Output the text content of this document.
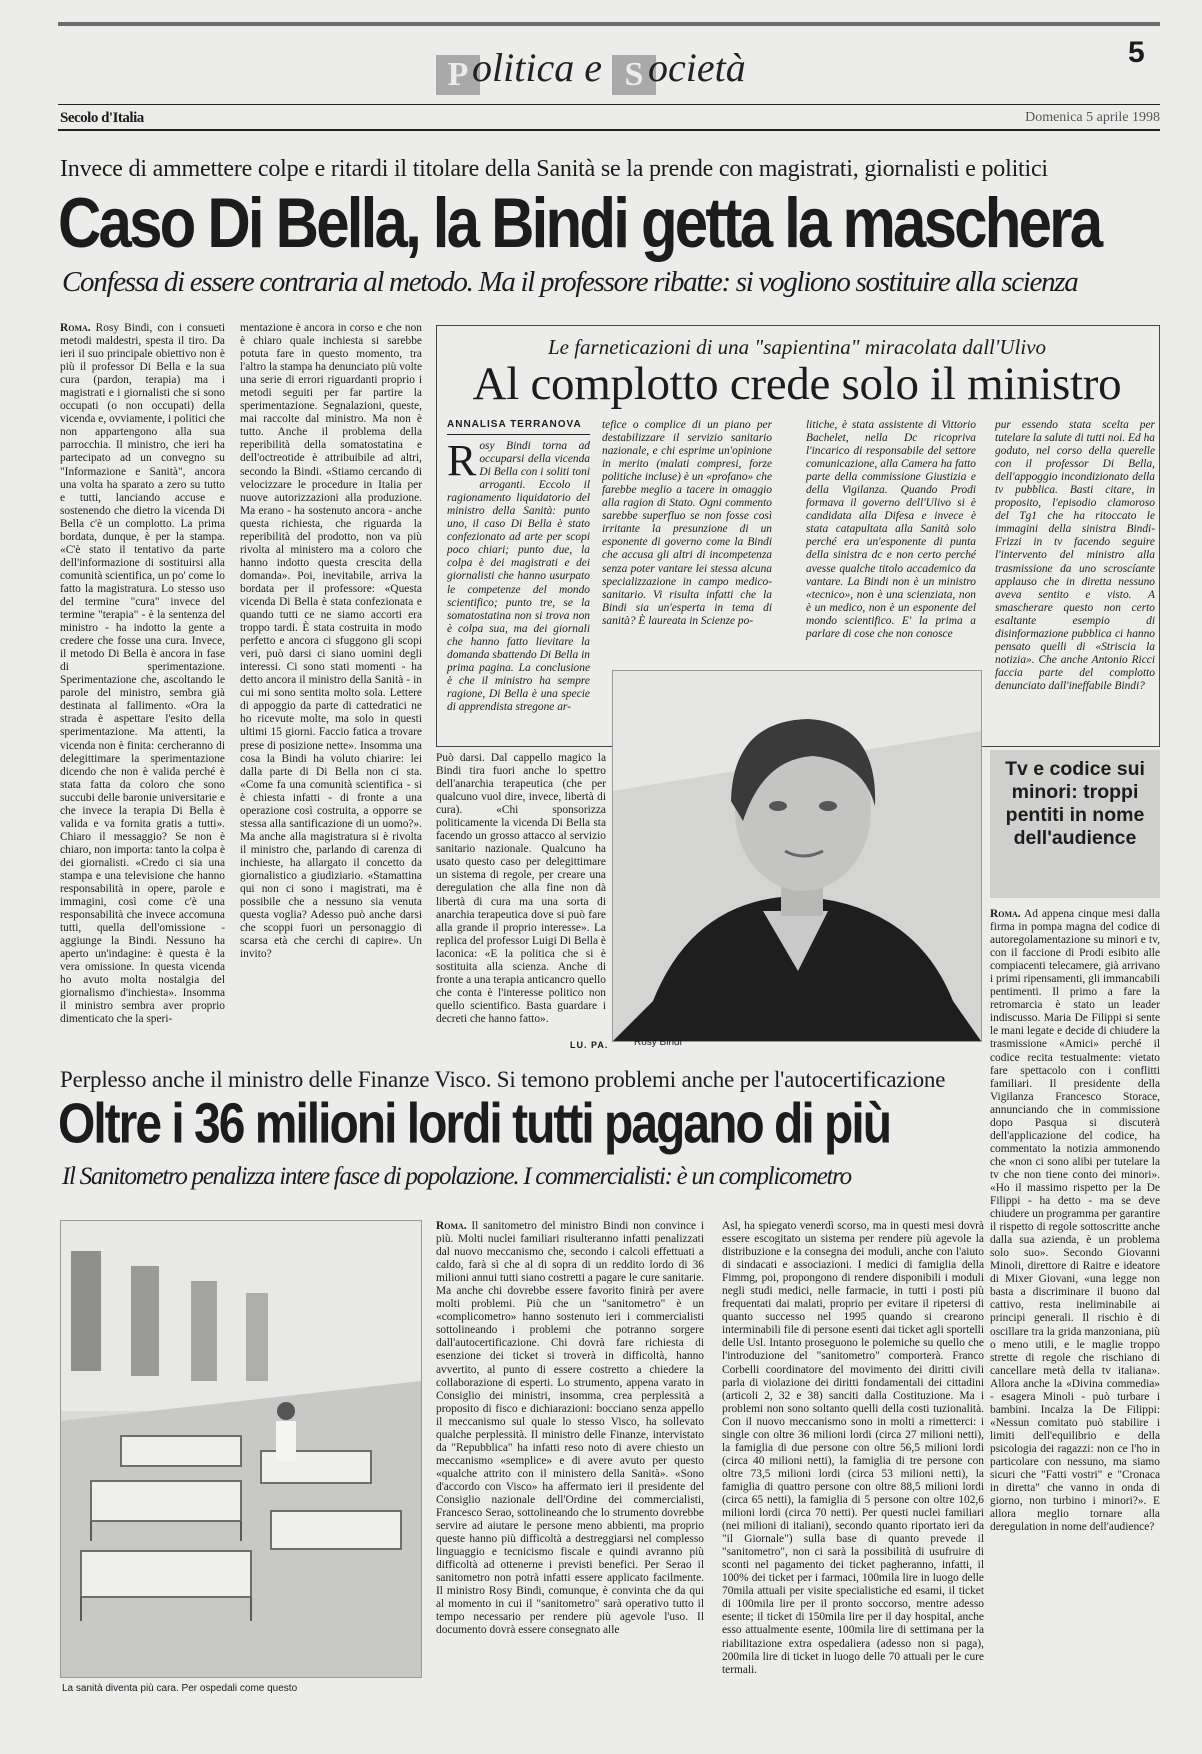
Politica e S ocietà	5
Secolo d'Italia	Domenica 5 aprile 1998
Invece di ammettere colpe e ritardi il titolare della Sanità se la prende con magistrati, giornalisti e politici
Caso Di Bella, la Bindi getta la maschera
Confessa di essere contraria al metodo. Ma il professore ribatte: si vogliono sostituire alla scienza
Roma. Rosy Bindi, con i consueti metodi maldestri, spesta il tiro. Da ieri il suo principale obiettivo non è più il professor Di Bella e la sua cura (pardon, terapia) ma i magistrati e i giornalisti che si sono occupati (o non occupati) della vicenda e, ovviamente, i politici che non appartengono alla sua parrocchia. Il ministro, che ieri ha partecipato ad un convegno su "Informazione e Sanità", ancora una volta ha sparato a zero su tutto e tutti, lanciando accuse e sostenendo che dietro la vicenda Di Bella c'è un complotto. La prima bordata, dunque, è per la stampa. «C'è stato il tentativo da parte dell'informazione di sostituirsi alla comunità scientifica, un po' come lo fatto la magistratura. Lo stesso uso del termine "cura" invece del termine "terapia" - è la sentenza del ministro - ha indotto la gente a credere che fosse una cura. Invece, il metodo Di Bella è ancora in fase di sperimentazione. Sperimentazione che, ascoltando le parole del ministro, sembra già destinata al fallimento. «Ora la strada è aspettare l'esito della sperimentazione. Ma attenti, la vicenda non è finita: cercheranno di delegittimare la sperimentazione dicendo che non è valida perché è stata fatta da coloro che sono succubi delle baronie universitarie e che invece la terapia Di Bella è valida e va fornita gratis a tutti». Chiaro il messaggio? Se non è chiaro, non importa: tanto la colpa è dei giornalisti. «Credo ci sia una stampa e una televisione che hanno responsabilità in opere, parole e immagini, così come c'è una responsabilità che invece accomuna tutti, quella dell'omissione - aggiunge la Bindi. Nessuno ha aperto un'indagine: è questa è la vera omissione. In questa vicenda ho avuto molta nostalgia del giornalismo d'inchiesta». Insomma il ministro sembra aver proprio dimenticato che la speri-
mentazione è ancora in corso e che non è chiaro quale inchiesta si sarebbe potuta fare in questo momento, tra l'altro la stampa ha denunciato più volte una serie di errori riguardanti proprio i metodi seguiti per far partire la sperimentazione. Segnalazioni, queste, mai raccolte dal ministro. Ma non è tutto. Anche il problema della reperibilità della somatostatina e dell'octreotide è attribuibile ad altri, secondo la Bindi. «Stiamo cercando di velocizzare le procedure in Italia per nuove autorizzazioni alla produzione. Ma erano - ha sostenuto ancora - anche questa richiesta, che riguarda la reperibilità del prodotto, non va più rivolta al ministero ma a coloro che hanno indotto questa crescita della domanda». Poi, inevitabile, arriva la bordata per il professore: «Questa vicenda Di Bella è stata confezionata e quando tutti ce ne siamo accorti era troppo tardi. È stata costruita in modo perfetto e ancora ci sfuggono gli scopi veri, può darsi ci siano uomini degli interessi. Ci sono stati momenti - ha detto ancora il ministro della Sanità - in cui mi sono sentita molto sola. Lettere di appoggio da parte di cattedratici ne ho ricevute molte, ma solo in questi ultimi 15 giorni. Faccio fatica a trovare prese di posizione nette». Insomma una cosa la Bindi ha voluto chiarire: lei dalla parte di Di Bella non ci sta. «Come fa una comunità scientifica - si è chiesta infatti - di fronte a una operazione così costruita, a opporre se stessa alla santificazione di un uomo?». Ma anche alla magistratura si è rivolta il ministro che, parlando di carenza di inchieste, ha allargato il concetto da giornalistico a giudiziario. «Stamattina qui non ci sono i magistrati, ma è possibile che a nessuno sia venuta questa voglia? Adesso può anche darsi che scoppi fuori un personaggio di scarsa età che cerchi di capire». Un invito?
Può darsi. Dal cappello magico la Bindi tira fuori anche lo spettro dell'anarchia terapeutica (che per qualcuno vuol dire, invece, libertà di cura). «Chi sponsorizza politicamente la vicenda Di Bella sta facendo un grosso attacco al servizio sanitario nazionale. Qualcuno ha usato questo caso per delegittimare un sistema di regole, per creare una deregulation che alla fine non dà libertà di cura ma una sorta di anarchia terapeutica dove si può fare alla grande il proprio interesse». La replica del professor Luigi Di Bella è laconica: «E la politica che si è sostituita alla scienza. Anche di fronte a una terapia anticancro quello che conta è l'interesse politico non quello scientifico. Basta guardare i decreti che hanno fatto».
LU. PA.
Le farneticazioni di una "sapientina" miracolata dall'Ulivo
Al complotto crede solo il ministro
ANNALISA TERRANOVA
R osy Bindi torna ad occuparsi della vicenda Di Bella con i soliti toni arroganti. Eccolo il ragionamento liquidatorio del ministro della Sanità: punto uno, il caso Di Bella è stato confezionato ad arte per scopi poco chiari; punto due, la colpa è dei magistrati e dei giornalisti che hanno usurpato le competenze del mondo scientifico; punto tre, se la somatostatina non si trova non è colpa sua, ma dei giornali che hanno fatto lievitare la domanda sbattendo Di Bella in prima pagina. La conclusione è che il ministro ha sempre ragione, Di Bella è una specie di apprendista stregone ar-
tefice o complice di un piano per destabilizzare il servizio sanitario nazionale, e chi esprime un'opinione in merito (malati compresi, forze politiche incluse) è un «profano» che farebbe meglio a tacere in omaggio alla ragion di Stato. Ogni commento sarebbe superfluo se non fosse così irritante la presunzione di un esponente di governo come la Bindi che accusa gli altri di incompetenza senza poter vantare lei stessa alcuna specializzazione in campo medico-sanitario. Vi risulta infatti che la Bindi sia un'esperta in tema di sanità? È laureata in Scienze po-
litiche, è stata assistente di Vittorio Bachelet, nella Dc ricopriva l'incarico di responsabile del settore comunicazione, alla Camera ha fatto parte della commissione Giustizia e della Vigilanza. Quando Prodi formava il governo dell'Ulivo si è candidata alla Difesa e invece è stata catapultata alla Sanità solo perché era un'esponente di punta della sinistra dc e non certo perché avesse qualche titolo accademico da vantare. La Bindi non è un ministro «tecnico», non è una scienziata, non è un medico, non è un esponente del mondo scientifico. E' la prima a parlare di cose che non conosce
pur essendo stata scelta per tutelare la salute di tutti noi. Ed ha goduto, nel corso della querelle con il professor Di Bella, dell'appoggio incondizionato della tv pubblica. Basti citare, in proposito, l'episodio clamoroso del Tg1 che ha ritoccato le immagini della sinistra Bindi-Frizzi in tv facendo seguire l'intervento del ministro alla trasmissione da uno scroscíante applauso che in diretta nessuno aveva sentito e visto. A smascherare questo non certo esaltante esempio di disinformazione pubblica ci hanno pensato quelli di «Striscia la notizia». Che anche Antonio Ricci faccia parte del complotto denunciato dall'ineffabile Bindi?
Rosy Bindi
Tv e codice sui minori: troppi pentiti in nome dell'audience
Roma. Ad appena cinque mesi dalla firma in pompa magna del codice di autoregolamentazione su minori e tv, con il faccione di Prodi esibito alle compiacenti telecamere, già arrivano i primi ripensamenti, gli immancabili pentimenti. Il primo a fare la retromarcia è stato un leader indiscusso. Maria De Filippi si sente le mani legate e decide di chiudere la trasmissione «Amici» perché il codice recita testualmente: vietato fare spettacolo con i conflitti familiari. Il presidente della Vigilanza Francesco Storace, annunciando che in commissione dopo Pasqua si discuterà dell'applicazione del codice, ha commentato la notizia ammonendo che «non ci sono alibi per tutelare la tv che non tiene conto dei minori». «Ho il massimo rispetto per la De Filippi - ha detto - ma se deve chiudere un programma per garantire il rispetto di regole sottoscritte anche dalla sua azienda, è un problema solo suo». Secondo Giovanni Minoli, direttore di Raitre e ideatore di Mixer Giovani, «una legge non basta a discriminare il buono dal cattivo, resta ineliminabile ai principi generali. Il rischio è di oscillare tra la grida manzoniana, più o meno utili, e le maglie troppo strette di regole che rischiano di cancellare metà della tv italiana». Allora anche la «Divina commedia» - esagera Minoli - può turbare i bambini. Incalza la De Filippi: «Nessun comitato può stabilire i limiti dell'equilibrio e della psicologia dei ragazzi: non ce l'ho in particolare con nessuno, ma siamo sicuri che "Fatti vostri" e "Cronaca in diretta" che vanno in onda di giorno, non turbino i minori?». E allora meglio tornare alla deregulation in nome dell'audience?
Perplesso anche il ministro delle Finanze Visco. Si temono problemi anche per l'autocertificazione
Oltre i 36 milioni lordi tutti pagano di più
Il Sanitometro penalizza intere fasce di popolazione. I commercialisti: è un complicometro
La sanità diventa più cara. Per ospedali come questo
Roma. Il sanitometro del ministro Bindi non convince i più. Molti nuclei familiari risulteranno infatti penalizzati dal nuovo meccanismo che, secondo i calcoli effettuati a caldo, farà sì che al di sopra di un reddito lordo di 36 milioni annui tutti siano costretti a pagare le cure sanitarie. Ma anche chi dovrebbe essere favorito finirà per avere molti problemi. Più che un "sanitometro" è un «complicometro» hanno sostenuto ieri i commercialisti sottolineando i problemi che potranno sorgere dall'autocertificazione. Chi dovrà fare richiesta di esenzione dei ticket si troverà in difficoltà, hanno avvertito, al punto di essere costretto a chiedere la collaborazione di esperti. Lo strumento, appena varato in Consiglio dei ministri, insomma, crea perplessità a proposito di fisco e dichiarazioni: bocciano senza appello il meccanismo sul quale lo stesso Visco, ha sollevato qualche perplessità. Il ministro delle Finanze, intervistato da "Repubblica" ha infatti reso noto di avere chiesto un meccanismo «semplice» e di avere avuto per questo «qualche attrito con il ministero della Sanità». «Sono d'accordo con Visco» ha affermato ieri il presidente del Consiglio nazionale dell'Ordine dei commercialisti, Francesco Serao, sottolineando che lo strumento dovrebbe servire ad aiutare le persone meno abbienti, ma proprio queste hanno più difficoltà a destreggiarsi nel complesso linguaggio e tecnicismo fiscale e quindi avranno più difficoltà ad ottenerne i previsti benefici. Per Serao il sanitometro non potrà infatti essere applicato facilmente. Il ministro Rosy Bindi, comunque, è convinta che da qui al momento in cui il "sanitometro" sarà operativo tutto il tempo necessario per rendere più agevole l'uso. Il documento dovrà essere consegnato alle
Asl, ha spiegato venerdì scorso, ma in questi mesi dovrà essere escogitato un sistema per rendere più agevole la distribuzione e la consegna dei moduli, anche con l'aiuto di sindacati e associazioni. I medici di famiglia della Fimmg, poi, propongono di rendere disponibili i moduli negli studi medici, nelle farmacie, in tutti i posti più frequentati dai malati, proprio per evitare il ripetersi di quanto successo nel 1995 quando si crearono interminabili file di persone esenti dai ticket agli sportelli delle Usl. Intanto proseguono le polemiche su quello che l'introduzione del "sanitometro" comporterà. Franco Corbelli coordinatore del movimento dei diritti civili parla di violazione dei diritti fondamentali dei cittadini (articoli 2, 32 e 38) sanciti dalla Costituzione. Ma i problemi non sono soltanto quelli della costi tuzionalità. Con il nuovo meccanismo sono in molti a rimetterci: i single con oltre 36 milioni lordi (circa 27 milioni netti), la famiglia di due persone con oltre 56,5 milioni lordi (circa 40 milioni netti), la famiglia di tre persone con oltre 73,5 milioni lordi (circa 53 milioni netti), la famiglia di quattro persone con oltre 88,5 milioni lordi (circa 65 netti), la famiglia di 5 persone con oltre 102,6 milioni lordi (circa 70 netti). Per questi nuclei familiari (nei milioni di italiani), secondo quanto riportato ieri da "il Giornale") sulla base di quanto prevede il "sanitometro", non ci sarà la possibilità di usufruire di sconti nel pagamento dei ticket pagheranno, infatti, il 100% dei ticket per i farmaci, 100mila lire in luogo delle 70mila attuali per visite specialistiche ed esami, il ticket di 100mila lire per il pronto soccorso, mentre adesso esente; il ticket di 150mila lire per il day hospital, anche esso attualmente esente, 100mila lire di settimana per la riabilitazione extra ospedaliera (adesso non si paga), 200mila lire di ticket in luogo delle 70 attuali per le cure termali.
